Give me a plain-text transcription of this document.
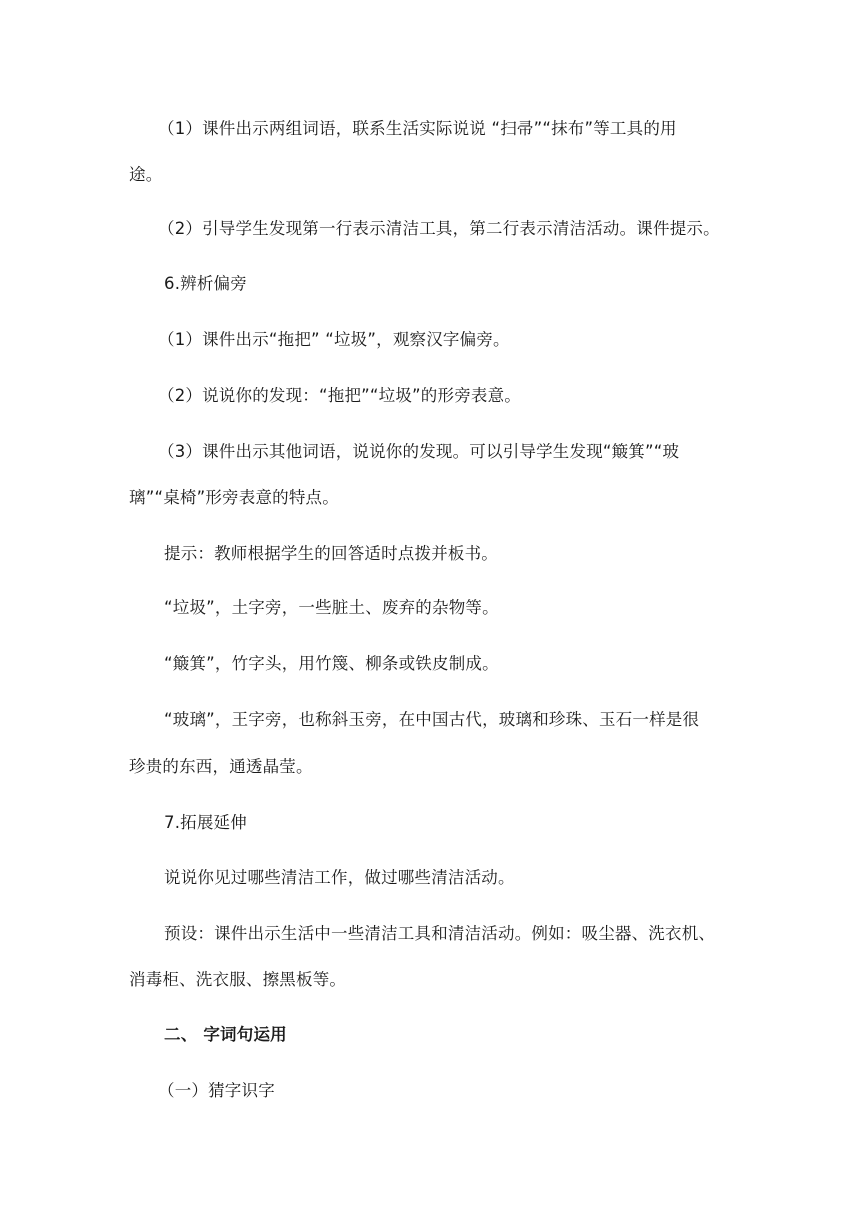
（1）课件出示两组词语，联系生活实际说说 “扫帚”“抹布”等工具的用
途。
（2）引导学生发现第一行表示清洁工具，第二行表示清洁活动。课件提示。
6.辨析偏旁
（1）课件出示“拖把” “垃圾”，观察汉字偏旁。
（2）说说你的发现：“拖把”“垃圾”的形旁表意。
（3）课件出示其他词语，说说你的发现。可以引导学生发现“簸箕”“玻
璃”“桌椅”形旁表意的特点。
提示：教师根据学生的回答适时点拨并板书。
“垃圾”，土字旁，一些脏土、废弃的杂物等。
“簸箕”，竹字头，用竹篾、柳条或铁皮制成。
“玻璃”，王字旁，也称斜玉旁，在中国古代，玻璃和珍珠、玉石一样是很
珍贵的东西，通透晶莹。
7.拓展延伸
说说你见过哪些清洁工作，做过哪些清洁活动。
预设：课件出示生活中一些清洁工具和清洁活动。例如：吸尘器、洗衣机、
消毒柜、洗衣服、擦黑板等。
二、 字词句运用
（一）猜字识字
